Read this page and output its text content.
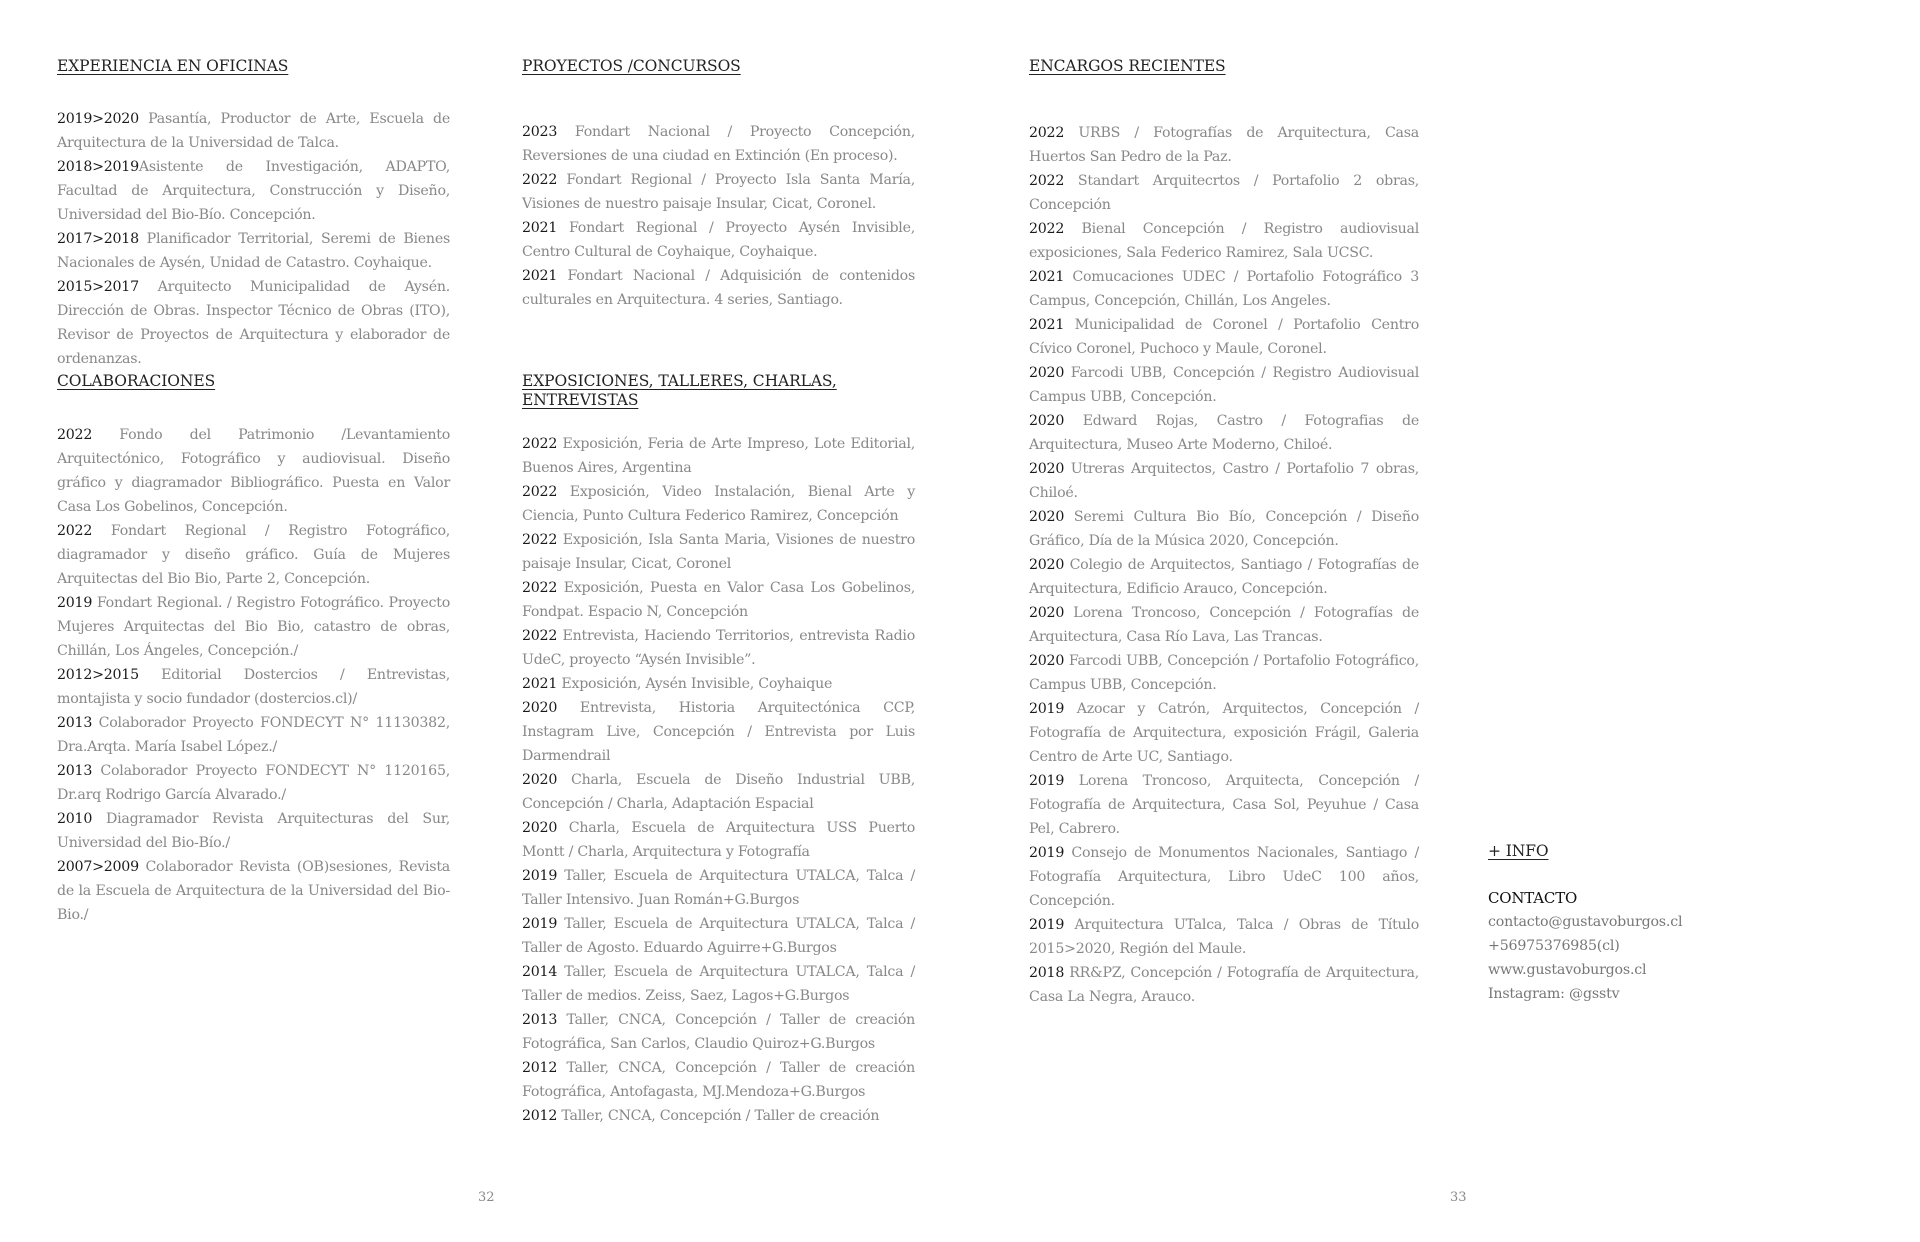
EXPERIENCIA EN OFICINAS

2019>2020 Pasantía, Productor de Arte, Escuela de Arquitectura de la Universidad de Talca.

2018>2019Asistente de Investigación, ADAPTO, Facultad de Arquitectura, Construcción y Diseño, Universidad del Bio-Bío. Concepción.

2017>2018 Planificador Territorial, Seremi de Bienes Nacionales de Aysén, Unidad de Catastro. Coyhaique.

2015>2017 Arquitecto Municipalidad de Aysén. Dirección de Obras. Inspector Técnico de Obras (ITO), Revisor de Proyectos de Arquitectura y elaborador de ordenanzas.

COLABORACIONES

2022 Fondo del Patrimonio /Levantamiento Arquitectónico, Fotográfico y audiovisual. Diseño gráfico y diagramador Bibliográfico. Puesta en Valor Casa Los Gobelinos, Concepción.

2022 Fondart Regional / Registro Fotográfico, diagramador y diseño gráfico. Guía de Mujeres Arquitectas del Bio Bio, Parte 2, Concepción.

2019 Fondart Regional. / Registro Fotográfico. Proyecto Mujeres Arquitectas del Bio Bio, catastro de obras, Chillán, Los Ángeles, Concepción./

2012>2015 Editorial Dostercios / Entrevistas, montajista y socio fundador (dostercios.cl)/

2013 Colaborador Proyecto FONDECYT N° 11130382, Dra.Arqta. María Isabel López./

2013 Colaborador Proyecto FONDECYT N° 1120165, Dr.arq Rodrigo García Alvarado./

2010 Diagramador Revista Arquitecturas del Sur, Universidad del Bio-Bío./

2007>2009 Colaborador Revista (OB)sesiones, Revista de la Escuela de Arquitectura de la Universidad del Bio-Bio./

PROYECTOS /CONCURSOS

2023 Fondart Nacional / Proyecto Concepción, Reversiones de una ciudad en Extinción (En proceso).

2022 Fondart Regional / Proyecto Isla Santa María, Visiones de nuestro paisaje Insular, Cicat, Coronel.

2021 Fondart Regional / Proyecto Aysén Invisible, Centro Cultural de Coyhaique, Coyhaique.

2021 Fondart Nacional / Adquisición de contenidos culturales en Arquitectura. 4 series, Santiago.

EXPOSICIONES, TALLERES, CHARLAS, ENTREVISTAS

2022 Exposición, Feria de Arte Impreso, Lote Editorial, Buenos Aires, Argentina

2022 Exposición, Video Instalación, Bienal Arte y Ciencia, Punto Cultura Federico Ramirez, Concepción

2022 Exposición, Isla Santa Maria, Visiones de nuestro paisaje Insular, Cicat, Coronel

2022 Exposición, Puesta en Valor Casa Los Gobelinos, Fondpat. Espacio N, Concepción

2022 Entrevista, Haciendo Territorios, entrevista Radio UdeC, proyecto “Aysén Invisible”.

2021 Exposición, Aysén Invisible, Coyhaique

2020 Entrevista, Historia Arquitectónica CCP, Instagram Live, Concepción / Entrevista por Luis Darmendrail

2020 Charla, Escuela de Diseño Industrial UBB, Concepción / Charla, Adaptación Espacial

2020 Charla, Escuela de Arquitectura USS Puerto Montt / Charla, Arquitectura y Fotografía

2019 Taller, Escuela de Arquitectura UTALCA, Talca / Taller Intensivo. Juan Román+G.Burgos

2019 Taller, Escuela de Arquitectura UTALCA, Talca / Taller de Agosto. Eduardo Aguirre+G.Burgos

2014 Taller, Escuela de Arquitectura UTALCA, Talca / Taller de medios. Zeiss, Saez, Lagos+G.Burgos

2013 Taller, CNCA, Concepción / Taller de creación Fotográfica, San Carlos, Claudio Quiroz+G.Burgos

2012 Taller, CNCA, Concepción / Taller de creación Fotográfica, Antofagasta, MJ.Mendoza+G.Burgos

2012 Taller, CNCA, Concepción / Taller de creación

32
ENCARGOS RECIENTES

2022 URBS / Fotografías de Arquitectura, Casa Huertos San Pedro de la Paz.

2022 Standart Arquitecrtos / Portafolio 2 obras, Concepción

2022 Bienal Concepción / Registro audiovisual exposiciones, Sala Federico Ramirez, Sala UCSC.

2021 Comucaciones UDEC / Portafolio Fotográfico 3 Campus, Concepción, Chillán, Los Angeles.

2021 Municipalidad de Coronel / Portafolio Centro Cívico Coronel, Puchoco y Maule, Coronel.

2020 Farcodi UBB, Concepción / Registro Audiovisual Campus UBB, Concepción.

2020 Edward Rojas, Castro / Fotografias de Arquitectura, Museo Arte Moderno, Chiloé.

2020 Utreras Arquitectos, Castro / Portafolio 7 obras, Chiloé.

2020 Seremi Cultura Bio Bío, Concepción / Diseño Gráfico, Día de la Música 2020, Concepción.

2020 Colegio de Arquitectos, Santiago / Fotografías de Arquitectura, Edificio Arauco, Concepción.

2020 Lorena Troncoso, Concepción / Fotografías de Arquitectura, Casa Río Lava, Las Trancas.

2020 Farcodi UBB, Concepción / Portafolio Fotográfico, Campus UBB, Concepción.

2019 Azocar y Catrón, Arquitectos, Concepción / Fotografía de Arquitectura, exposición Frágil, Galeria Centro de Arte UC, Santiago.

2019 Lorena Troncoso, Arquitecta, Concepción / Fotografía de Arquitectura, Casa Sol, Peyuhue / Casa Pel, Cabrero.

2019 Consejo de Monumentos Nacionales, Santiago / Fotografía Arquitectura, Libro UdeC 100 años, Concepción.

2019 Arquitectura UTalca, Talca / Obras de Título 2015>2020, Región del Maule.

2018 RR&PZ, Concepción / Fotografía de Arquitectura, Casa La Negra, Arauco.

+ INFO
CONTACTO
contacto@gustavoburgos.cl
+56975376985(cl)
www.gustavoburgos.cl
Instagram: @gsstv
33
